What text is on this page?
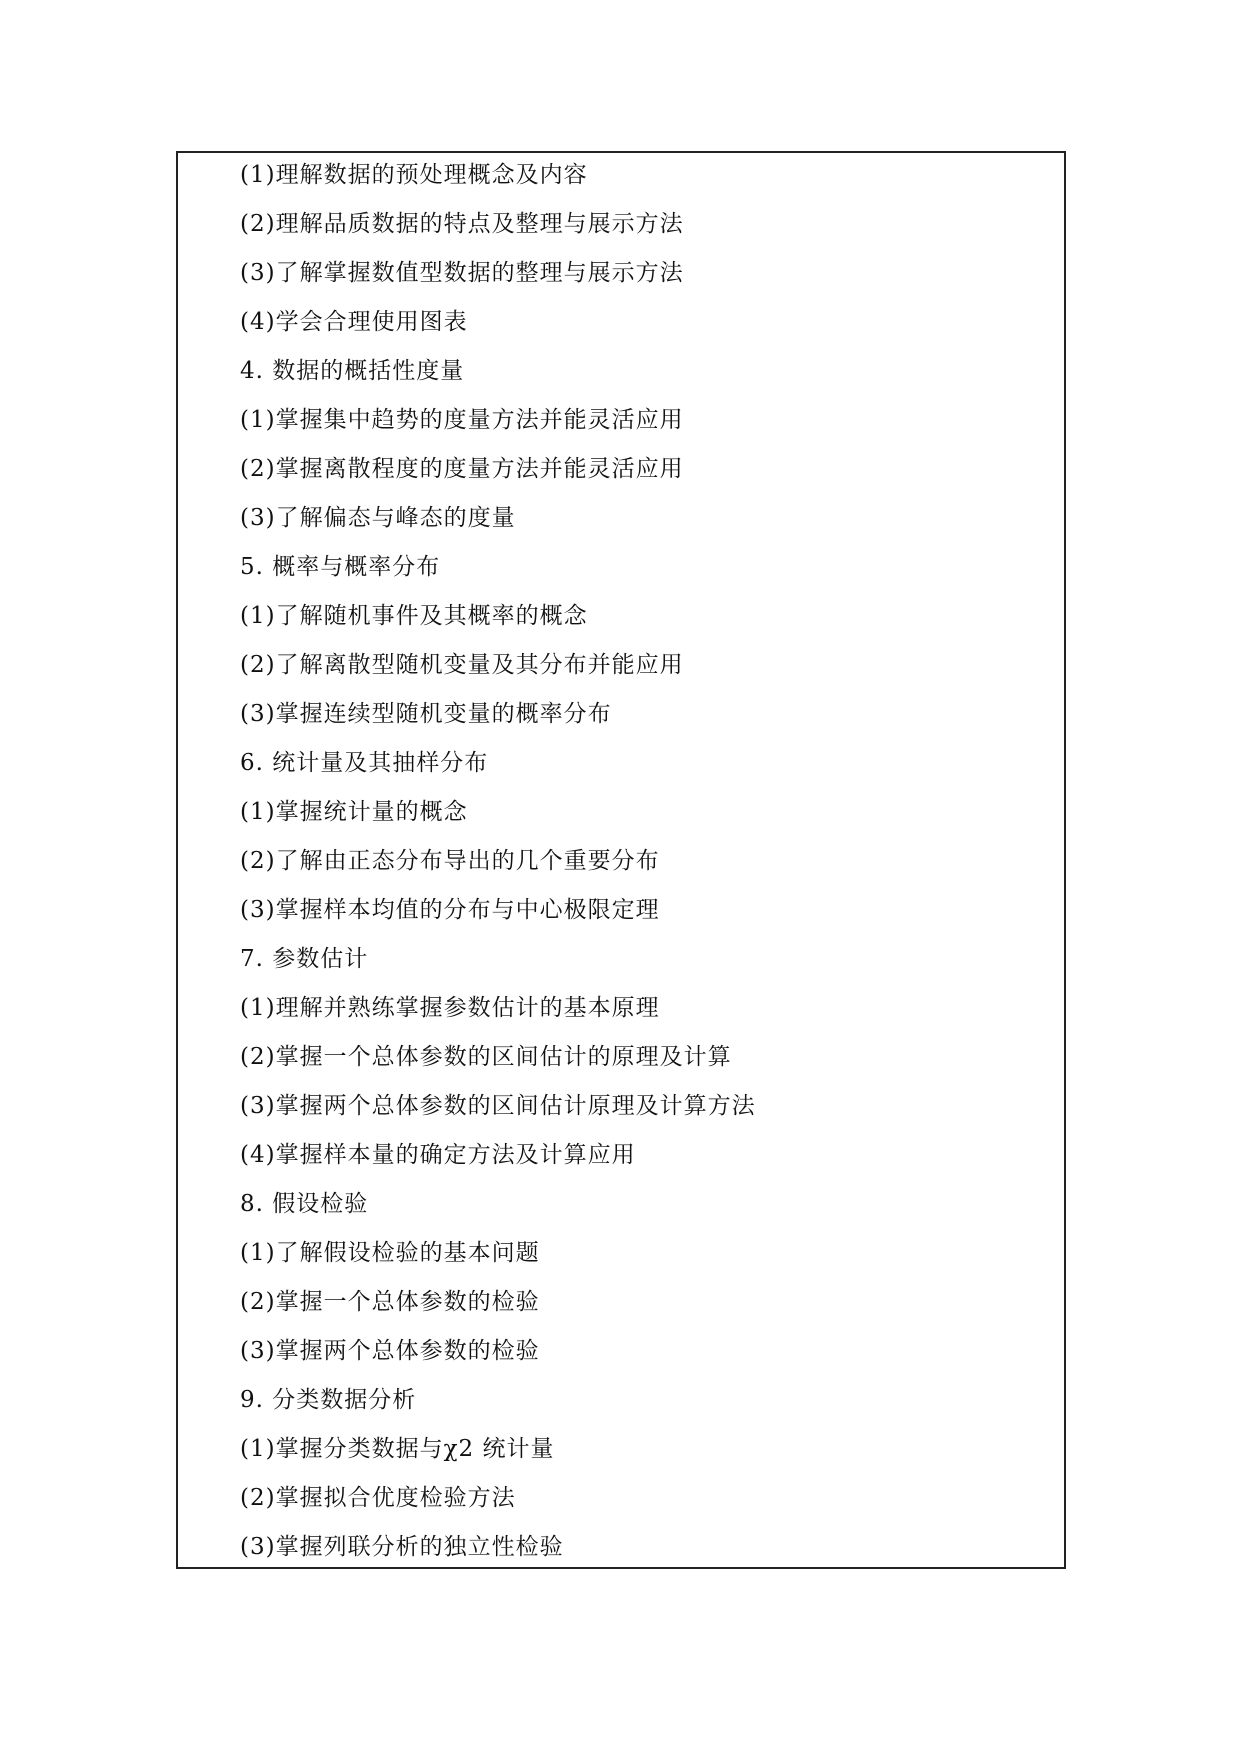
(1)理解数据的预处理概念及内容
(2)理解品质数据的特点及整理与展示方法
(3)了解掌握数值型数据的整理与展示方法
(4)学会合理使用图表
4. 数据的概括性度量
(1)掌握集中趋势的度量方法并能灵活应用
(2)掌握离散程度的度量方法并能灵活应用
(3)了解偏态与峰态的度量
5. 概率与概率分布
(1)了解随机事件及其概率的概念
(2)了解离散型随机变量及其分布并能应用
(3)掌握连续型随机变量的概率分布
6. 统计量及其抽样分布
(1)掌握统计量的概念
(2)了解由正态分布导出的几个重要分布
(3)掌握样本均值的分布与中心极限定理
7. 参数估计
(1)理解并熟练掌握参数估计的基本原理
(2)掌握一个总体参数的区间估计的原理及计算
(3)掌握两个总体参数的区间估计原理及计算方法
(4)掌握样本量的确定方法及计算应用
8. 假设检验
(1)了解假设检验的基本问题
(2)掌握一个总体参数的检验
(3)掌握两个总体参数的检验
9. 分类数据分析
(1)掌握分类数据与χ2 统计量
(2)掌握拟合优度检验方法
(3)掌握列联分析的独立性检验
